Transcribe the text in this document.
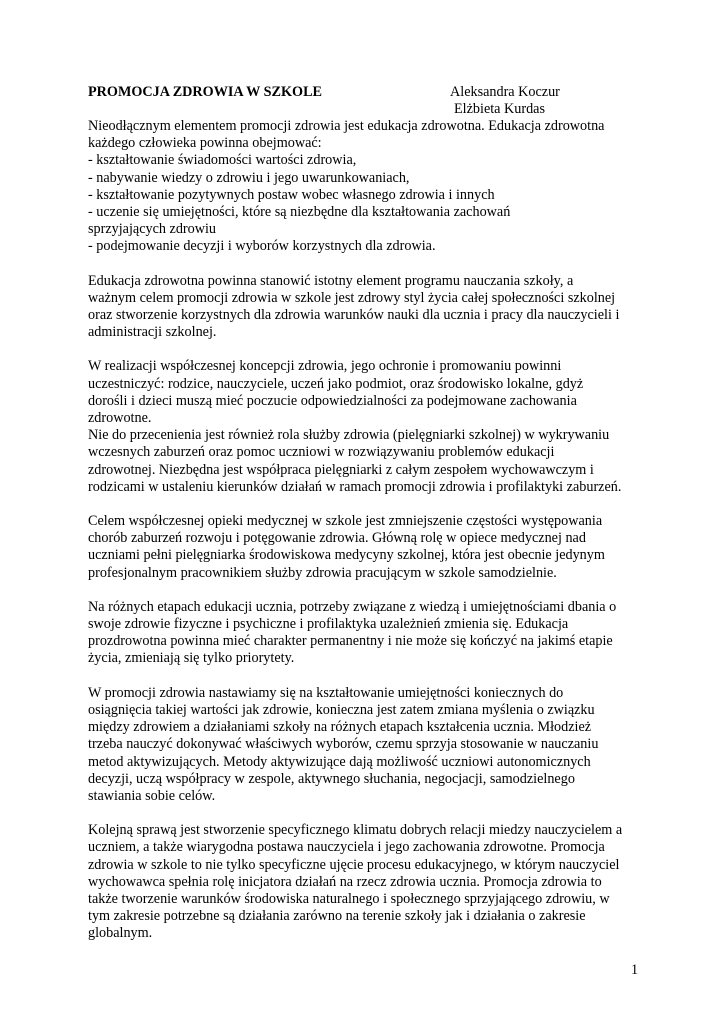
PROMOCJA ZDROWIA W SZKOLE	Aleksandra Koczur
Elżbieta Kurdas
Nieodłącznym elementem promocji zdrowia jest edukacja zdrowotna. Edukacja zdrowotna
każdego człowieka powinna obejmować:
- kształtowanie świadomości wartości zdrowia,
- nabywanie wiedzy o zdrowiu i jego uwarunkowaniach,
- kształtowanie pozytywnych postaw wobec własnego zdrowia i innych
- uczenie się umiejętności, które są niezbędne dla kształtowania zachowań
sprzyjających zdrowiu
- podejmowanie decyzji i wyborów korzystnych dla zdrowia.
Edukacja zdrowotna powinna stanowić istotny element programu nauczania szkoły, a
ważnym celem promocji zdrowia w szkole jest zdrowy styl życia całej społeczności szkolnej
oraz stworzenie korzystnych dla zdrowia warunków nauki dla ucznia i pracy dla nauczycieli i
administracji szkolnej.
W realizacji współczesnej koncepcji zdrowia, jego ochronie i promowaniu powinni
uczestniczyć: rodzice, nauczyciele, uczeń jako podmiot, oraz środowisko lokalne, gdyż
dorośli i dzieci muszą mieć poczucie odpowiedzialności za podejmowane zachowania
zdrowotne.
Nie do przecenienia jest również rola służby zdrowia (pielęgniarki szkolnej) w wykrywaniu
wczesnych zaburzeń oraz pomoc uczniowi w rozwiązywaniu problemów edukacji
zdrowotnej. Niezbędna jest współpraca pielęgniarki z całym zespołem wychowawczym i
rodzicami w ustaleniu kierunków działań w ramach promocji zdrowia i profilaktyki zaburzeń.
Celem współczesnej opieki medycznej w szkole jest zmniejszenie częstości występowania
chorób zaburzeń rozwoju i potęgowanie zdrowia. Główną rolę w opiece medycznej nad
uczniami pełni pielęgniarka środowiskowa medycyny szkolnej, która jest obecnie jedynym
profesjonalnym pracownikiem służby zdrowia pracującym w szkole samodzielnie.
Na różnych etapach edukacji ucznia, potrzeby związane z wiedzą i umiejętnościami dbania o
swoje zdrowie fizyczne i psychiczne i profilaktyka uzależnień zmienia się. Edukacja
prozdrowotna powinna mieć charakter permanentny i nie może się kończyć na jakimś etapie
życia, zmieniają się tylko priorytety.
W promocji zdrowia nastawiamy się na kształtowanie umiejętności koniecznych do
osiągnięcia takiej wartości jak zdrowie, konieczna jest zatem zmiana myślenia o związku
między zdrowiem a działaniami szkoły na różnych etapach kształcenia ucznia. Młodzież
trzeba nauczyć dokonywać właściwych wyborów, czemu sprzyja stosowanie w nauczaniu
metod aktywizujących. Metody aktywizujące dają możliwość uczniowi autonomicznych
decyzji, uczą współpracy w zespole, aktywnego słuchania, negocjacji, samodzielnego
stawiania sobie celów.
Kolejną sprawą jest stworzenie specyficznego klimatu dobrych relacji miedzy nauczycielem a
uczniem, a także wiarygodna postawa nauczyciela i jego zachowania zdrowotne. Promocja
zdrowia w szkole to nie tylko specyficzne ujęcie procesu edukacyjnego, w którym nauczyciel
wychowawca spełnia rolę inicjatora działań na rzecz zdrowia ucznia. Promocja zdrowia to
także tworzenie warunków środowiska naturalnego i społecznego sprzyjającego zdrowiu, w
tym zakresie potrzebne są działania zarówno na terenie szkoły jak i działania o zakresie
globalnym.
1
